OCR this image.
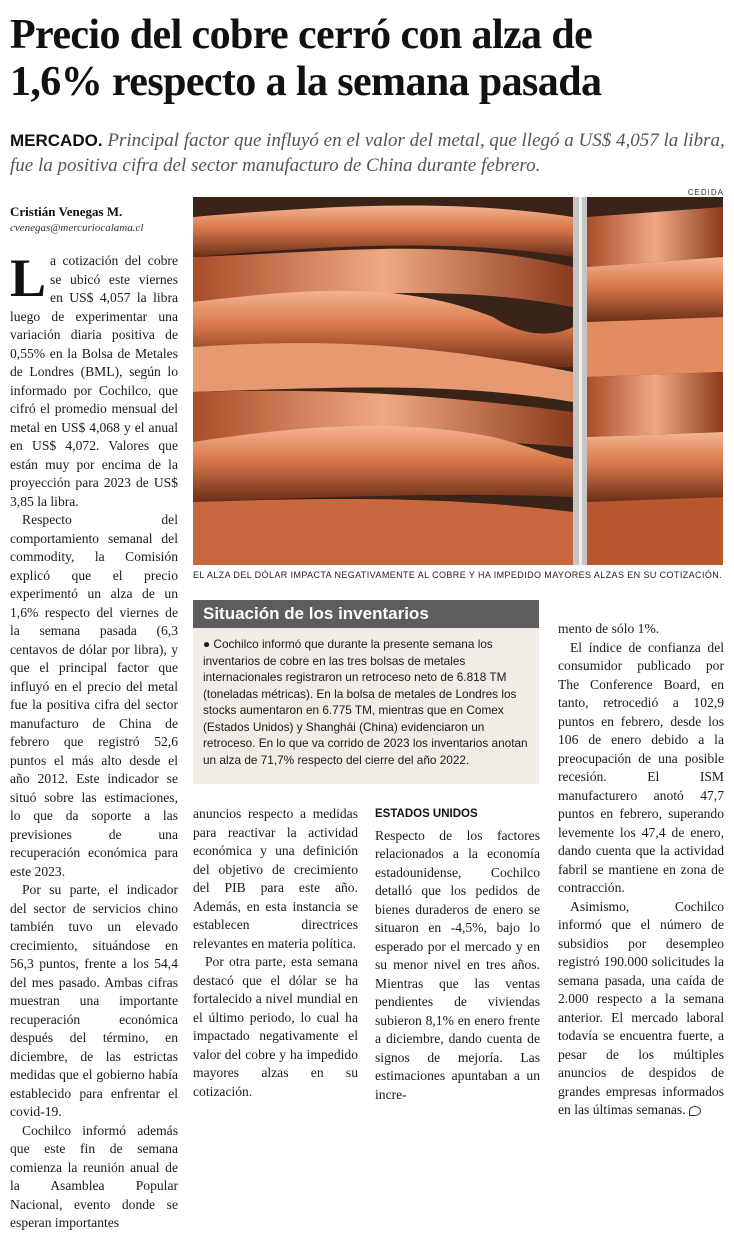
Precio del cobre cerró con alza de
1,6% respecto a la semana pasada
MERCADO. Principal factor que influyó en el valor del metal, que llegó a US$ 4,057 la libra, fue la positiva cifra del sector manufacturo de China durante febrero.
CEDIDA
Cristián Venegas M.
cvenegas@mercuriocalama.cl

La cotización del cobre se ubicó este viernes en US$ 4,057 la libra luego de experimentar una variación diaria positiva de 0,55% en la Bolsa de Metales de Londres (BML), según lo informado por Cochilco, que cifró el promedio mensual del metal en US$ 4,068 y el anual en US$ 4,072. Valores que están muy por encima de la proyección para 2023 de US$ 3,85 la libra.

Respecto del comportamiento semanal del commodity, la Comisión explicó que el precio experimentó un alza de un 1,6% respecto del viernes de la semana pasada (6,3 centavos de dólar por libra), y que el principal factor que influyó en el precio del metal fue la positiva cifra del sector manufacturo de China de febrero que registró 52,6 puntos el más alto desde el año 2012. Este indicador se situó sobre las estimaciones, lo que da soporte a las previsiones de una recuperación económica para este 2023.

Por su parte, el indicador del sector de servicios chino también tuvo un elevado crecimiento, situándose en 56,3 puntos, frente a los 54,4 del mes pasado. Ambas cifras muestran una importante recuperación económica después del término, en diciembre, de las estrictas medidas que el gobierno había establecido para enfrentar el covid-19.

Cochilco informó además que este fin de semana comienza la reunión anual de la Asamblea Popular Nacional, evento donde se esperan importantes

EL ALZA DEL DÓLAR IMPACTA NEGATIVAMENTE AL COBRE Y HA IMPEDIDO MAYORES ALZAS EN SU COTIZACIÓN.
Situación de los inventarios
● Cochilco informó que durante la presente semana los inventarios de cobre en las tres bolsas de metales internacionales registraron un retroceso neto de 6.818 TM (toneladas métricas). En la bolsa de metales de Londres los stocks aumentaron en 6.775 TM, mientras que en Comex (Estados Unidos) y Shanghái (China) evidenciaron un retroceso. En lo que va corrido de 2023 los inventarios anotan un alza de 71,7% respecto del cierre del año 2022.

anuncios respecto a medidas para reactivar la actividad económica y una definición del objetivo de crecimiento del PIB para este año. Además, en esta instancia se establecen directrices relevantes en materia política.

Por otra parte, esta semana destacó que el dólar se ha fortalecido a nivel mundial en el último periodo, lo cual ha impactado negativamente el valor del cobre y ha impedido mayores alzas en su cotización.

ESTADOS UNIDOS

Respecto de los factores relacionados a la economía estadounidense, Cochilco detalló que los pedidos de bienes duraderos de enero se situaron en -4,5%, bajo lo esperado por el mercado y en su menor nivel en tres años. Mientras que las ventas pendientes de viviendas subieron 8,1% en enero frente a diciembre, dando cuenta de signos de mejoría. Las estimaciones apuntaban a un incre-

mento de sólo 1%.

El índice de confianza del consumidor publicado por The Conference Board, en tanto, retrocedió a 102,9 puntos en febrero, desde los 106 de enero debido a la preocupación de una posible recesión. El ISM manufacturero anotó 47,7 puntos en febrero, superando levemente los 47,4 de enero, dando cuenta que la actividad fabril se mantiene en zona de contracción.

Asimismo, Cochilco informó que el número de subsidios por desempleo registró 190.000 solicitudes la semana pasada, una caída de 2.000 respecto a la semana anterior. El mercado laboral todavía se encuentra fuerte, a pesar de los múltiples anuncios de despidos de grandes empresas informados en las últimas semanas.
